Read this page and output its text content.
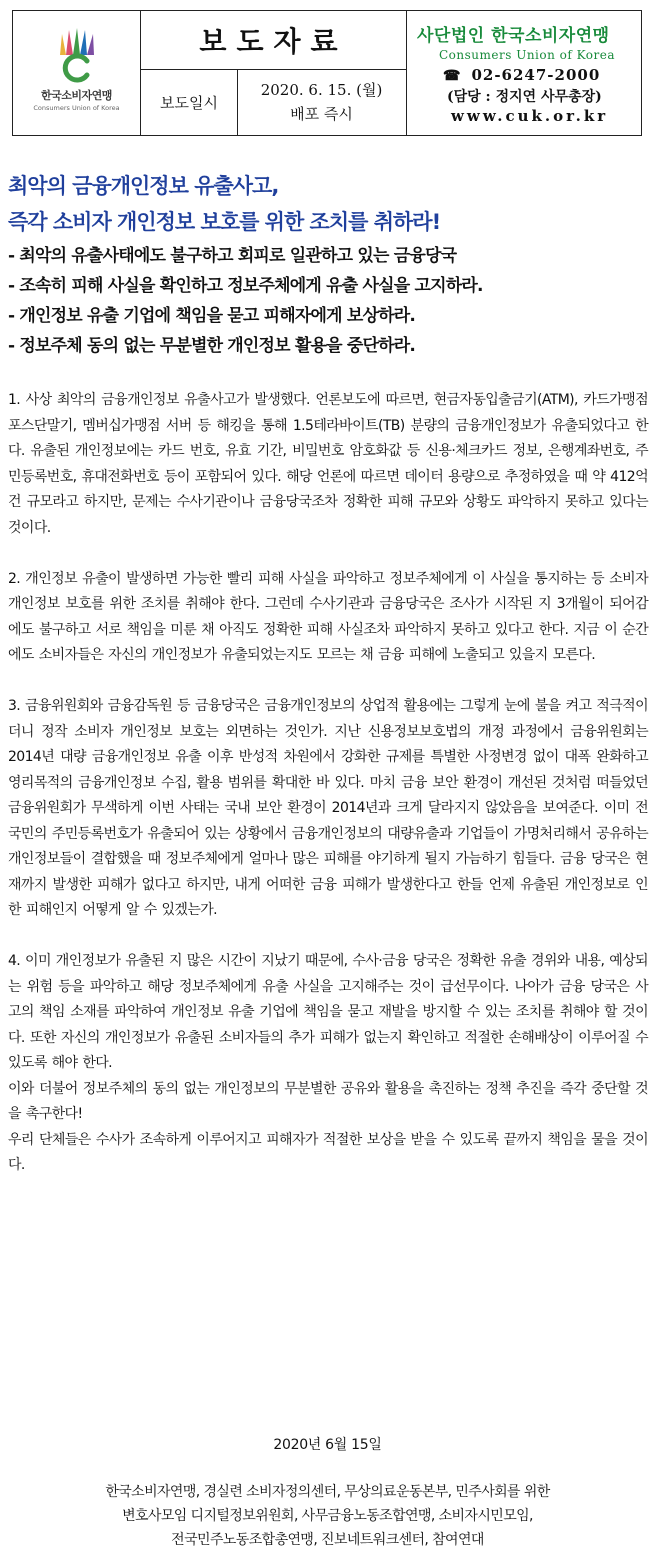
한국소비자연맹
Consumers Union of Korea
보도자료
보도일시
2020. 6. 15. (월)
배포 즉시
사단법인 한국소비자연맹
Consumers Union of Korea
☎ 02-6247-2000
(담당 : 정지연 사무총장)
www.cuk.or.kr
최악의 금융개인정보 유출사고,
즉각 소비자 개인정보 보호를 위한 조치를 취하라!
- 최악의 유출사태에도 불구하고 회피로 일관하고 있는 금융당국
- 조속히 피해 사실을 확인하고 정보주체에게 유출 사실을 고지하라.
- 개인정보 유출 기업에 책임을 묻고 피해자에게 보상하라.
- 정보주체 동의 없는 무분별한 개인정보 활용을 중단하라.

1. 사상 최악의 금융개인정보 유출사고가 발생했다. 언론보도에 따르면, 현금자동입출금기(ATM), 카드가맹점 포스단말기, 멤버십가맹점 서버 등 해킹을 통해 1.5테라바이트(TB) 분량의 금융개인정보가 유출되었다고 한다. 유출된 개인정보에는 카드 번호, 유효 기간, 비밀번호 암호화값 등 신용·체크카드 정보, 은행계좌번호, 주민등록번호, 휴대전화번호 등이 포함되어 있다. 해당 언론에 따르면 데이터 용량으로 추정하였을 때 약 412억건 규모라고 하지만, 문제는 수사기관이나 금융당국조차 정확한 피해 규모와 상황도 파악하지 못하고 있다는 것이다.

2. 개인정보 유출이 발생하면 가능한 빨리 피해 사실을 파악하고 정보주체에게 이 사실을 통지하는 등 소비자 개인정보 보호를 위한 조치를 취해야 한다. 그런데 수사기관과 금융당국은 조사가 시작된 지 3개월이 되어감에도 불구하고 서로 책임을 미룬 채 아직도 정확한 피해 사실조차 파악하지 못하고 있다고 한다. 지금 이 순간에도 소비자들은 자신의 개인정보가 유출되었는지도 모르는 채 금융 피해에 노출되고 있을지 모른다.

3. 금융위원회와 금융감독원 등 금융당국은 금융개인정보의 상업적 활용에는 그렇게 눈에 불을 켜고 적극적이더니 정작 소비자 개인정보 보호는 외면하는 것인가. 지난 신용정보보호법의 개정 과정에서 금융위원회는 2014년 대량 금융개인정보 유출 이후 반성적 차원에서 강화한 규제를 특별한 사정변경 없이 대폭 완화하고 영리목적의 금융개인정보 수집, 활용 범위를 확대한 바 있다. 마치 금융 보안 환경이 개선된 것처럼 떠들었던 금융위원회가 무색하게 이번 사태는 국내 보안 환경이 2014년과 크게 달라지지 않았음을 보여준다. 이미 전 국민의 주민등록번호가 유출되어 있는 상황에서 금융개인정보의 대량유출과 기업들이 가명처리해서 공유하는 개인정보들이 결합했을 때 정보주체에게 얼마나 많은 피해를 야기하게 될지 가늠하기 힘들다. 금융 당국은 현재까지 발생한 피해가 없다고 하지만, 내게 어떠한 금융 피해가 발생한다고 한들 언제 유출된 개인정보로 인한 피해인지 어떻게 알 수 있겠는가.

4. 이미 개인정보가 유출된 지 많은 시간이 지났기 때문에, 수사·금융 당국은 정확한 유출 경위와 내용, 예상되는 위험 등을 파악하고 해당 정보주체에게 유출 사실을 고지해주는 것이 급선무이다. 나아가 금융 당국은 사고의 책임 소재를 파악하여 개인정보 유출 기업에 책임을 묻고 재발을 방지할 수 있는 조치를 취해야 할 것이다. 또한 자신의 개인정보가 유출된 소비자들의 추가 피해가 없는지 확인하고 적절한 손해배상이 이루어질 수 있도록 해야 한다.

이와 더불어 정보주체의 동의 없는 개인정보의 무분별한 공유와 활용을 촉진하는 정책 추진을 즉각 중단할 것을 촉구한다!

우리 단체들은 수사가 조속하게 이루어지고 피해자가 적절한 보상을 받을 수 있도록 끝까지 책임을 물을 것이다.

2020년 6월 15일
한국소비자연맹, 경실련 소비자정의센터, 무상의료운동본부, 민주사회를 위한
변호사모임 디지털정보위원회, 사무금융노동조합연맹, 소비자시민모임,
전국민주노동조합총연맹, 진보네트워크센터, 참여연대
